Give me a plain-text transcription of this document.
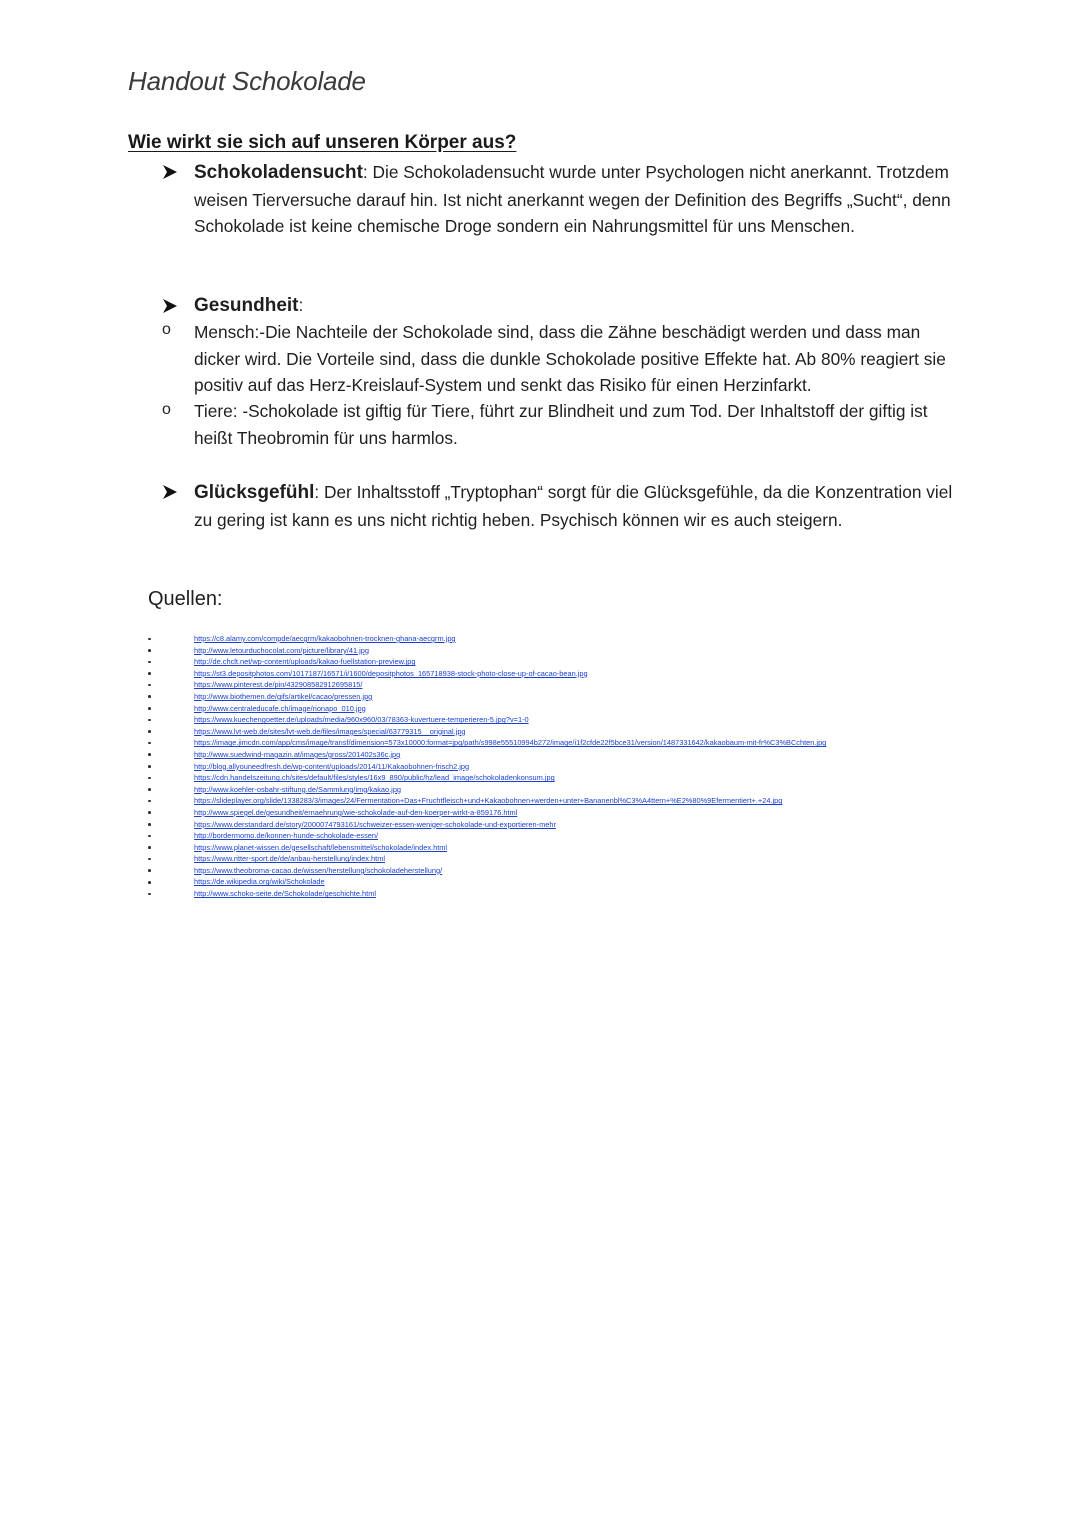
Handout Schokolade
Wie wirkt sie sich auf unseren Körper aus?
Schokoladensucht: Die Schokoladensucht wurde unter Psychologen nicht anerkannt. Trotzdem weisen Tierversuche darauf hin. Ist nicht anerkannt wegen der Definition des Begriffs „Sucht“, denn Schokolade ist keine chemische Droge sondern ein Nahrungsmittel für uns Menschen.
Gesundheit:
o Mensch:-Die Nachteile der Schokolade sind, dass die Zähne beschädigt werden und dass man dicker wird. Die Vorteile sind, dass die dunkle Schokolade positive Effekte hat. Ab 80% reagiert sie positiv auf das Herz-Kreislauf-System und senkt das Risiko für einen Herzinfarkt.
o Tiere: -Schokolade ist giftig für Tiere, führt zur Blindheit und zum Tod. Der Inhaltstoff der giftig ist heißt Theobromin für uns harmlos.
Glücksgefühl: Der Inhaltsstoff „Tryptophan“ sorgt für die Glücksgefühle, da die Konzentration viel zu gering ist kann es uns nicht richtig heben. Psychisch können wir es auch steigern.
Quellen:
https://c8.alamy.com/compde/aecgrm/kakaobohnen-trocknen-ghana-aecgrm.jpg
http://www.letourduchocolat.com/picture/library/41.jpg
http://de.chclt.net/wp-content/uploads/kakao-fuellstation-preview.jpg
https://st3.depositphotos.com/1017187/16571/i/1600/depositphotos_165718938-stock-photo-close-up-of-cacao-bean.jpg
https://www.pinterest.de/pin/432908582912695815/
http://www.biothemen.de/gifs/artikel/cacao/pressen.jpg
http://www.centraleducafe.ch/image/rionapo_010.jpg
https://www.kuechengoetter.de/uploads/media/960x960/03/78363-kuvertuere-temperieren-5.jpg?v=1-0
https://www.lvt-web.de/sites/lvt-web.de/files/images/special/63779315__original.jpg
https://image.jimcdn.com/app/cms/image/transf/dimension=573x10000:format=jpg/path/s998e55510994b272/image/i1f2cfde22f5bce31/version/1487331642/kakaobaum-mit-fr%C3%BCchten.jpg
http://www.suedwind-magazin.at/images/gross/201402s36c.jpg
http://blog.allyouneedfresh.de/wp-content/uploads/2014/11/Kakaobohnen-frisch2.jpg
https://cdn.handelszeitung.ch/sites/default/files/styles/16x9_890/public/hz/lead_image/schokoladenkonsum.jpg
http://www.koehler-osbahr-stiftung.de/Sammlung/img/kakao.jpg
https://slideplayer.org/slide/1338283/3/images/24/Fermentation+Das+Fruchtfleisch+und+Kakaobohnen+werden+unter+Bananenbl%C3%A4ttern+%E2%80%9Efermentiert+.+24.jpg
http://www.spiegel.de/gesundheit/ernaehrung/wie-schokolade-auf-den-koerper-wirkt-a-859176.html
https://www.derstandard.de/story/2000074793161/schweizer-essen-weniger-schokolade-und-exportieren-mehr
http://bordermomo.de/konnen-hunde-schokolade-essen/
https://www.planet-wissen.de/gesellschaft/lebensmittel/schokolade/index.html
https://www.ritter-sport.de/de/anbau-herstellung/index.html
https://www.theobroma-cacao.de/wissen/herstellung/schokoladeherstellung/
https://de.wikipedia.org/wiki/Schokolade
http://www.schoko-seite.de/Schokolade/geschichte.html
